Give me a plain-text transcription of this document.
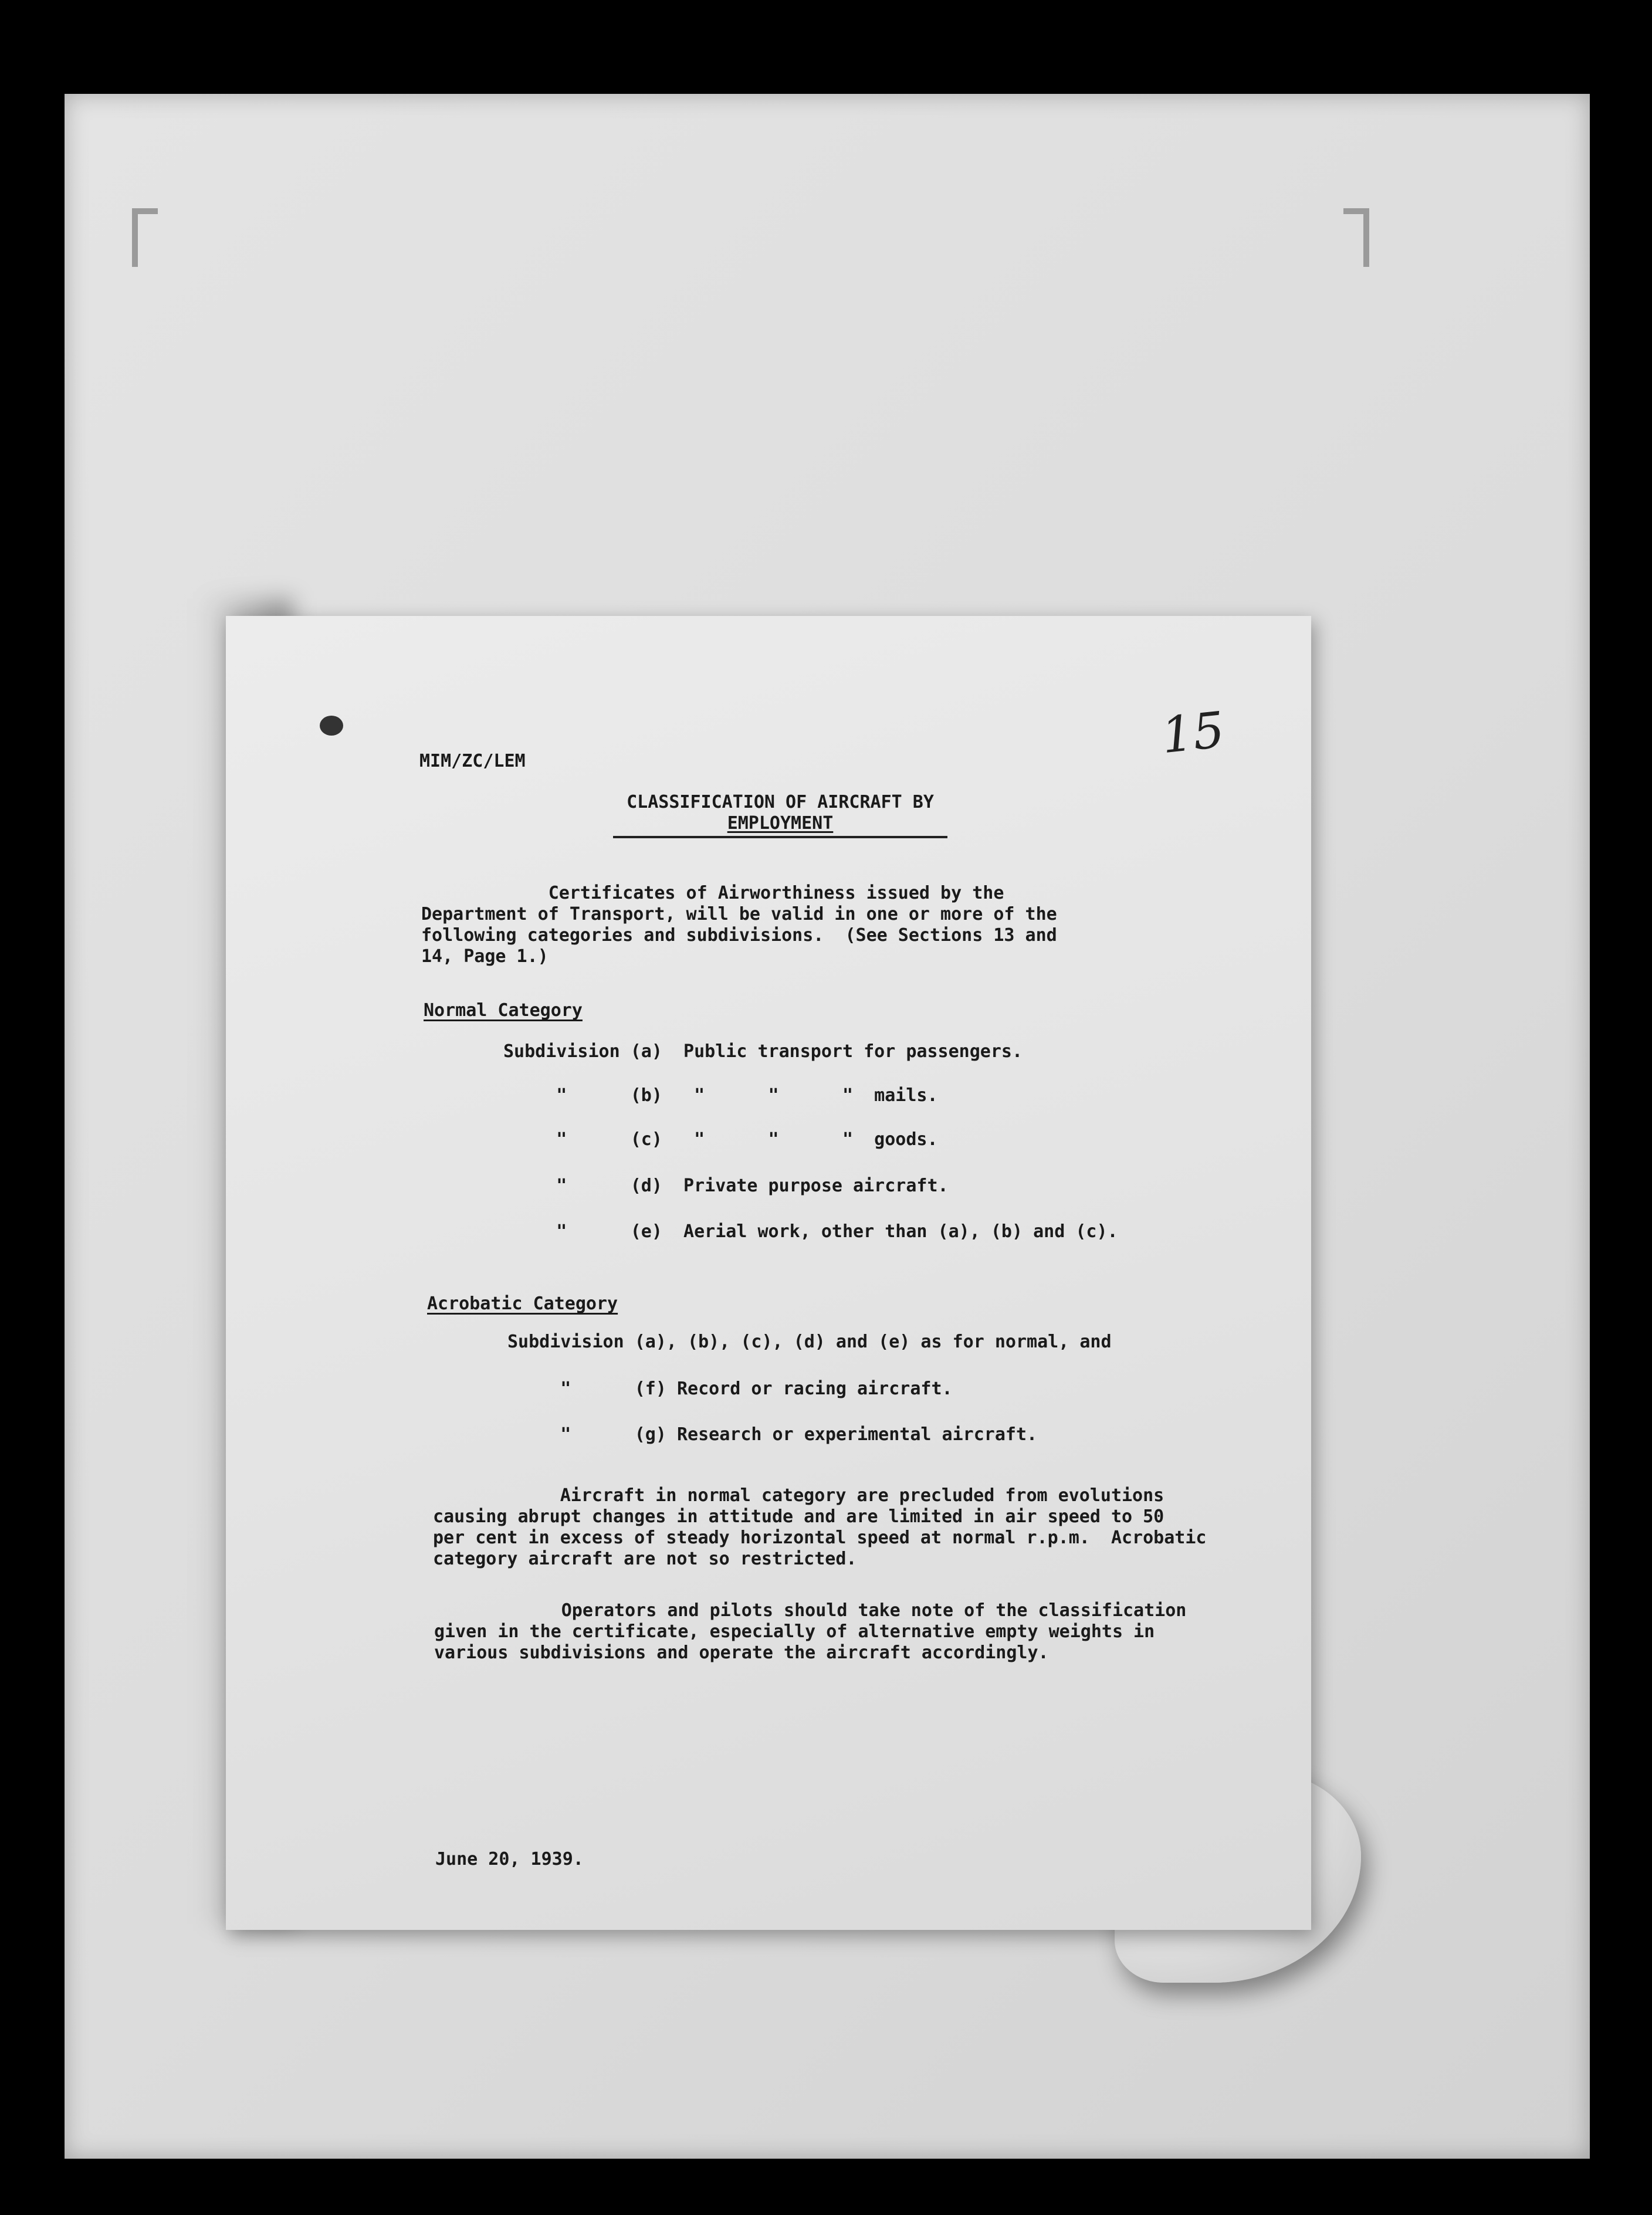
MIM/ZC/LEM	15
CLASSIFICATION OF AIRCRAFT BY
EMPLOYMENT
Certificates of Airworthiness issued by the
Department of Transport, will be valid in one or more of the
following categories and subdivisions.  (See Sections 13 and
14, Page 1.)
Normal Category
Subdivision (a)  Public transport for passengers.
"      (b)   "      "      "  mails.
"      (c)   "      "      "  goods.
"      (d)  Private purpose aircraft.
"      (e)  Aerial work, other than (a), (b) and (c).
Acrobatic Category
Subdivision (a), (b), (c), (d) and (e) as for normal, and
"      (f) Record or racing aircraft.
"      (g) Research or experimental aircraft.
Aircraft in normal category are precluded from evolutions
causing abrupt changes in attitude and are limited in air speed to 50
per cent in excess of steady horizontal speed at normal r.p.m.  Acrobatic
category aircraft are not so restricted.
Operators and pilots should take note of the classification
given in the certificate, especially of alternative empty weights in
various subdivisions and operate the aircraft accordingly.
June 20, 1939.
